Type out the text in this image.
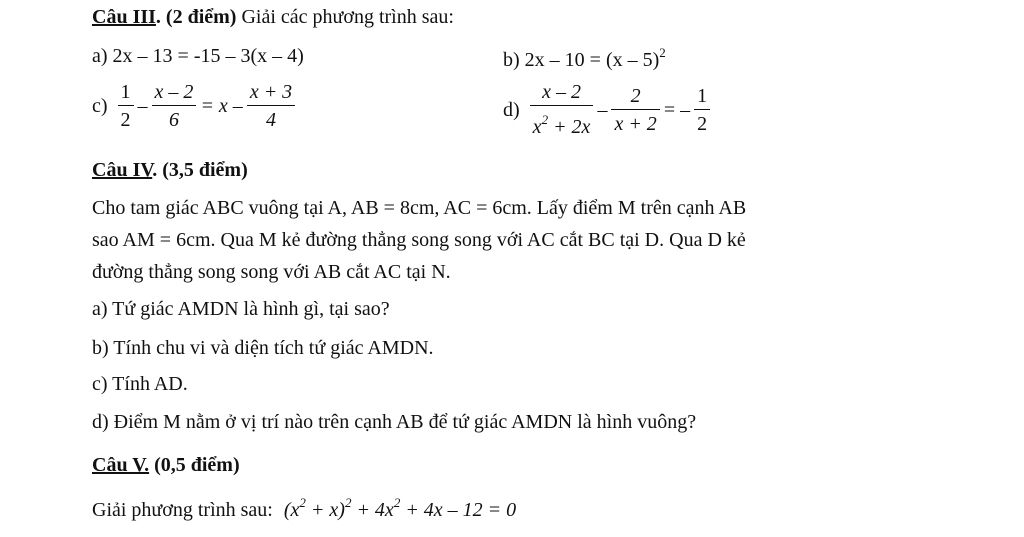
Câu III. (2 điểm) Giải các phương trình sau:
a) 2x – 13 = -15 – 3(x – 4)	b) 2x – 10 = (x – 5)$^2$
$c) \frac{1}{2} - \frac{x - 2}{6} = x - \frac{x + 3}{4}$	$d) \frac{x - 2}{x^2 + 2x} - \frac{2}{x + 2}$ = – $\frac{1}{2}$
Câu IV. (3,5 điểm)
Cho tam giác ABC vuông tại A, AB = 8cm, AC = 6cm. Lấy điểm M trên cạnh AB
sao AM = 6cm. Qua M kẻ đường thẳng song song với AC cắt BC tại D. Qua D kẻ
đường thẳng song song với AB cắt AC tại N.
a) Tứ giác AMDN là hình gì, tại sao?
b) Tính chu vi và diện tích tứ giác AMDN.
c) Tính AD.
d) Điểm M nằm ở vị trí nào trên cạnh AB để tứ giác AMDN là hình vuông?
Câu V. (0,5 điểm)
Giải phương trình sau: $(x^2 + x)^2 + 4x^2 + 4x - 12 = 0$
